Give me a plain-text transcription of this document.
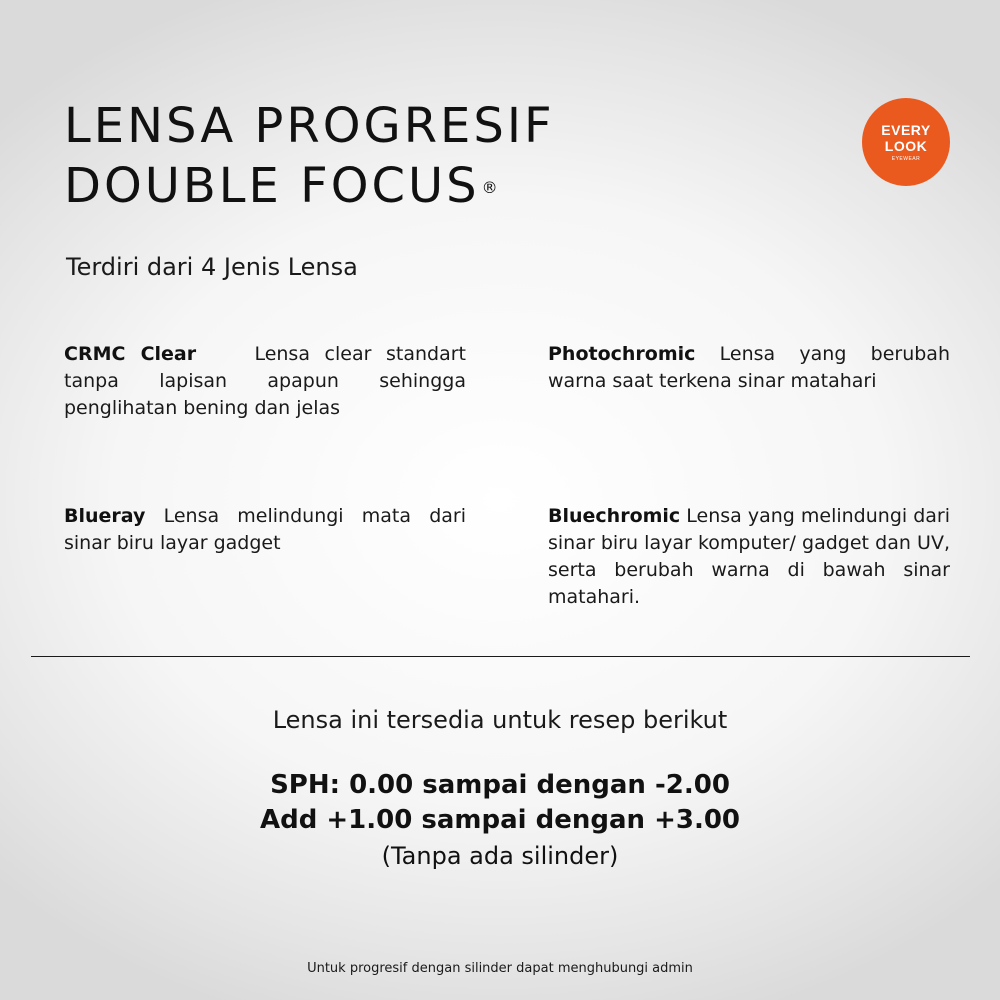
LENSA PROGRESIF
DOUBLE FOCUS ®
EVERY
LOOK
EYEWEAR

Terdiri dari 4 Jenis Lensa

CRMC Clear	Lensa clear standart tanpa lapisan apapun sehingga penglihatan bening dan jelas

Photochromic Lensa yang berubah warna saat terkena sinar matahari

Blueray Lensa melindungi mata dari sinar biru layar gadget

Bluechromic Lensa yang melindungi dari sinar biru layar komputer/ gadget dan UV, serta berubah warna di bawah sinar matahari.

Lensa ini tersedia untuk resep berikut
SPH: 0.00 sampai dengan -2.00
Add +1.00 sampai dengan +3.00
(Tanpa ada silinder)
Untuk progresif dengan silinder dapat menghubungi admin
